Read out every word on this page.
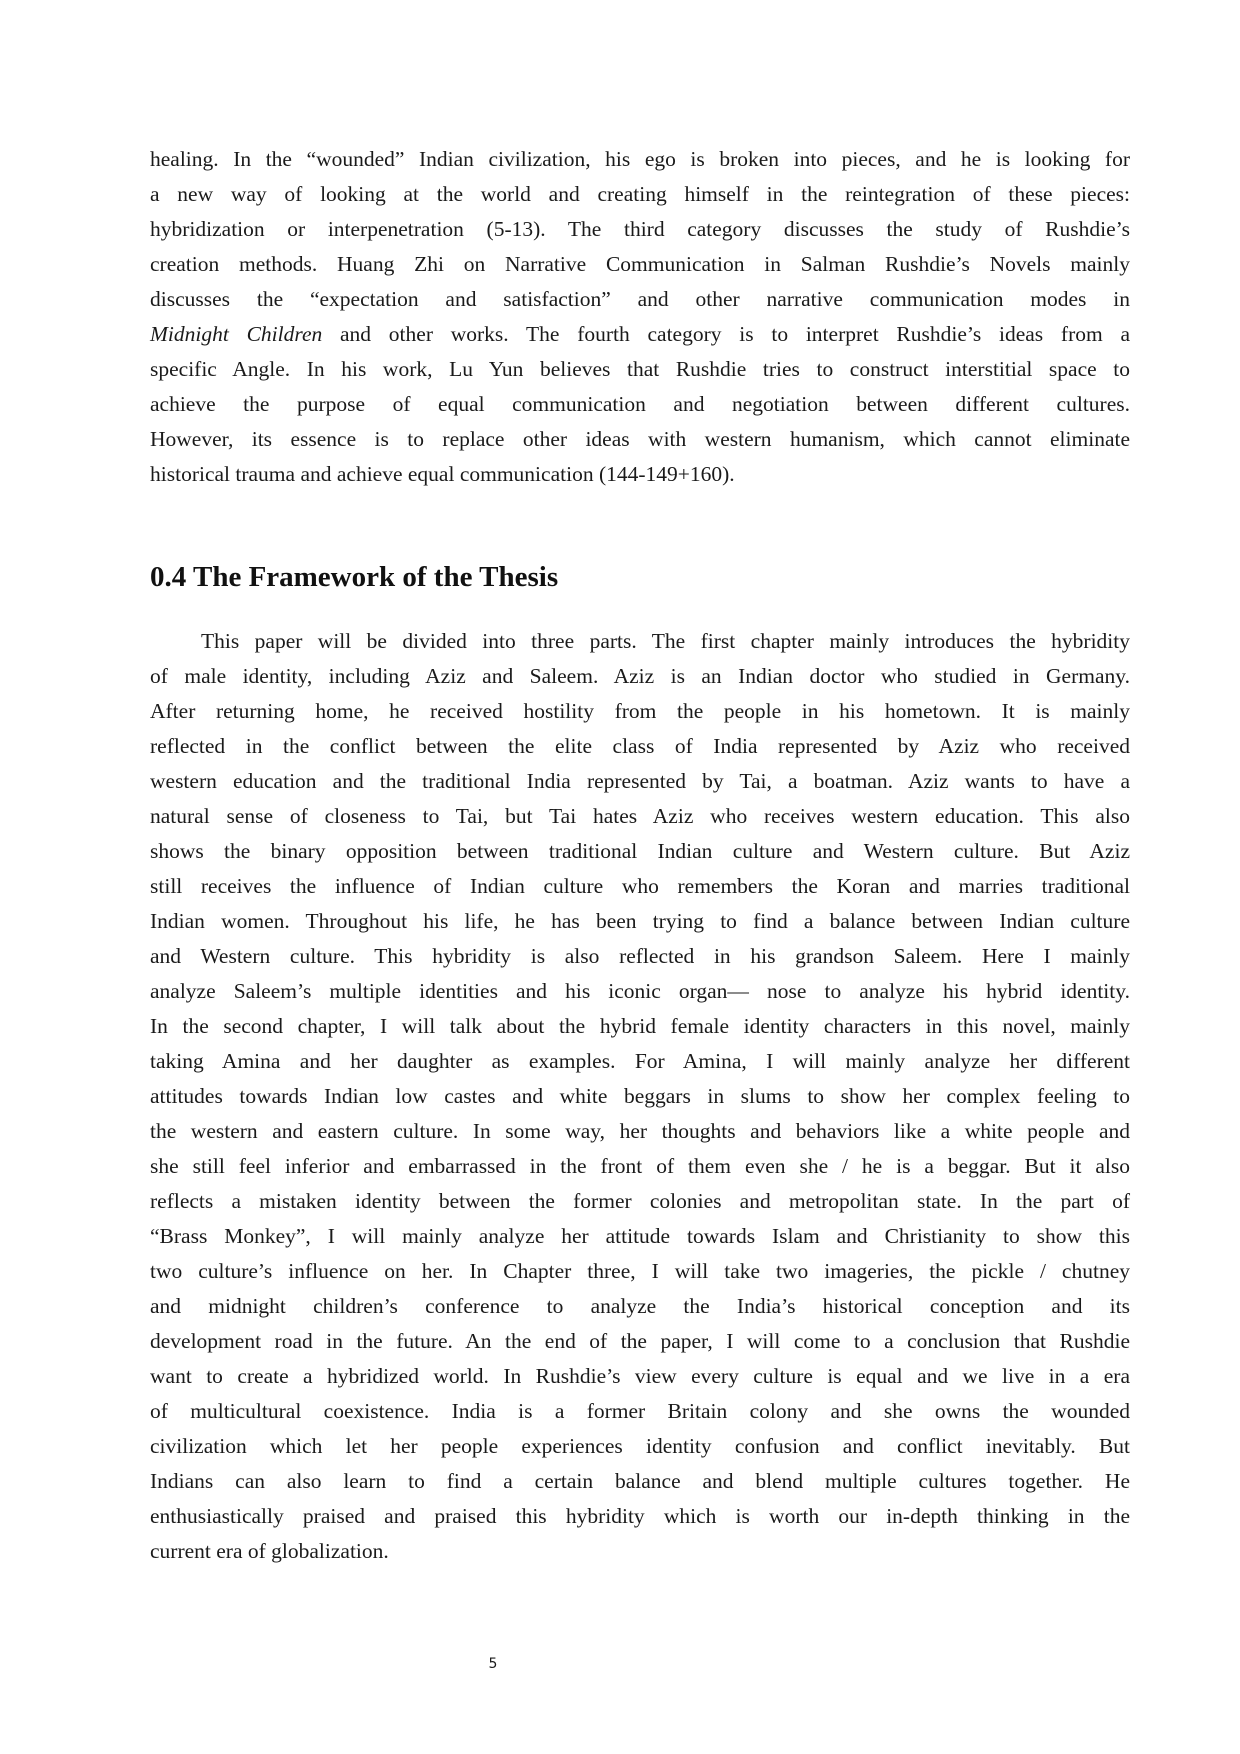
healing. In the “wounded” Indian civilization, his ego is broken into pieces, and he is looking for
a new way of looking at the world and creating himself in the reintegration of these pieces:
hybridization or interpenetration (5-13). The third category discusses the study of Rushdie’s
creation methods. Huang Zhi on Narrative Communication in Salman Rushdie’s Novels mainly
discusses the “expectation and satisfaction” and other narrative communication modes in
Midnight Children and other works. The fourth category is to interpret Rushdie’s ideas from a
specific Angle. In his work, Lu Yun believes that Rushdie tries to construct interstitial space to
achieve the purpose of equal communication and negotiation between different cultures.
However, its essence is to replace other ideas with western humanism, which cannot eliminate
historical trauma and achieve equal communication (144-149+160).
0.4 The Framework of the Thesis
This paper will be divided into three parts. The first chapter mainly introduces the hybridity
of male identity, including Aziz and Saleem. Aziz is an Indian doctor who studied in Germany.
After returning home, he received hostility from the people in his hometown. It is mainly
reflected in the conflict between the elite class of India represented by Aziz who received
western education and the traditional India represented by Tai, a boatman. Aziz wants to have a
natural sense of closeness to Tai, but Tai hates Aziz who receives western education. This also
shows the binary opposition between traditional Indian culture and Western culture. But Aziz
still receives the influence of Indian culture who remembers the Koran and marries traditional
Indian women. Throughout his life, he has been trying to find a balance between Indian culture
and Western culture. This hybridity is also reflected in his grandson Saleem. Here I mainly
analyze Saleem’s multiple identities and his iconic organ— nose to analyze his hybrid identity.
In the second chapter, I will talk about the hybrid female identity characters in this novel, mainly
taking Amina and her daughter as examples. For Amina, I will mainly analyze her different
attitudes towards Indian low castes and white beggars in slums to show her complex feeling to
the western and eastern culture. In some way, her thoughts and behaviors like a white people and
she still feel inferior and embarrassed in the front of them even she / he is a beggar. But it also
reflects a mistaken identity between the former colonies and metropolitan state. In the part of
“Brass Monkey”, I will mainly analyze her attitude towards Islam and Christianity to show this
two culture’s influence on her. In Chapter three, I will take two imageries, the pickle / chutney
and midnight children’s conference to analyze the India’s historical conception and its
development road in the future. An the end of the paper, I will come to a conclusion that Rushdie
want to create a hybridized world. In Rushdie’s view every culture is equal and we live in a era
of multicultural coexistence. India is a former Britain colony and she owns the wounded
civilization which let her people experiences identity confusion and conflict inevitably. But
Indians can also learn to find a certain balance and blend multiple cultures together. He
enthusiastically praised and praised this hybridity which is worth our in-depth thinking in the
current era of globalization.
5
